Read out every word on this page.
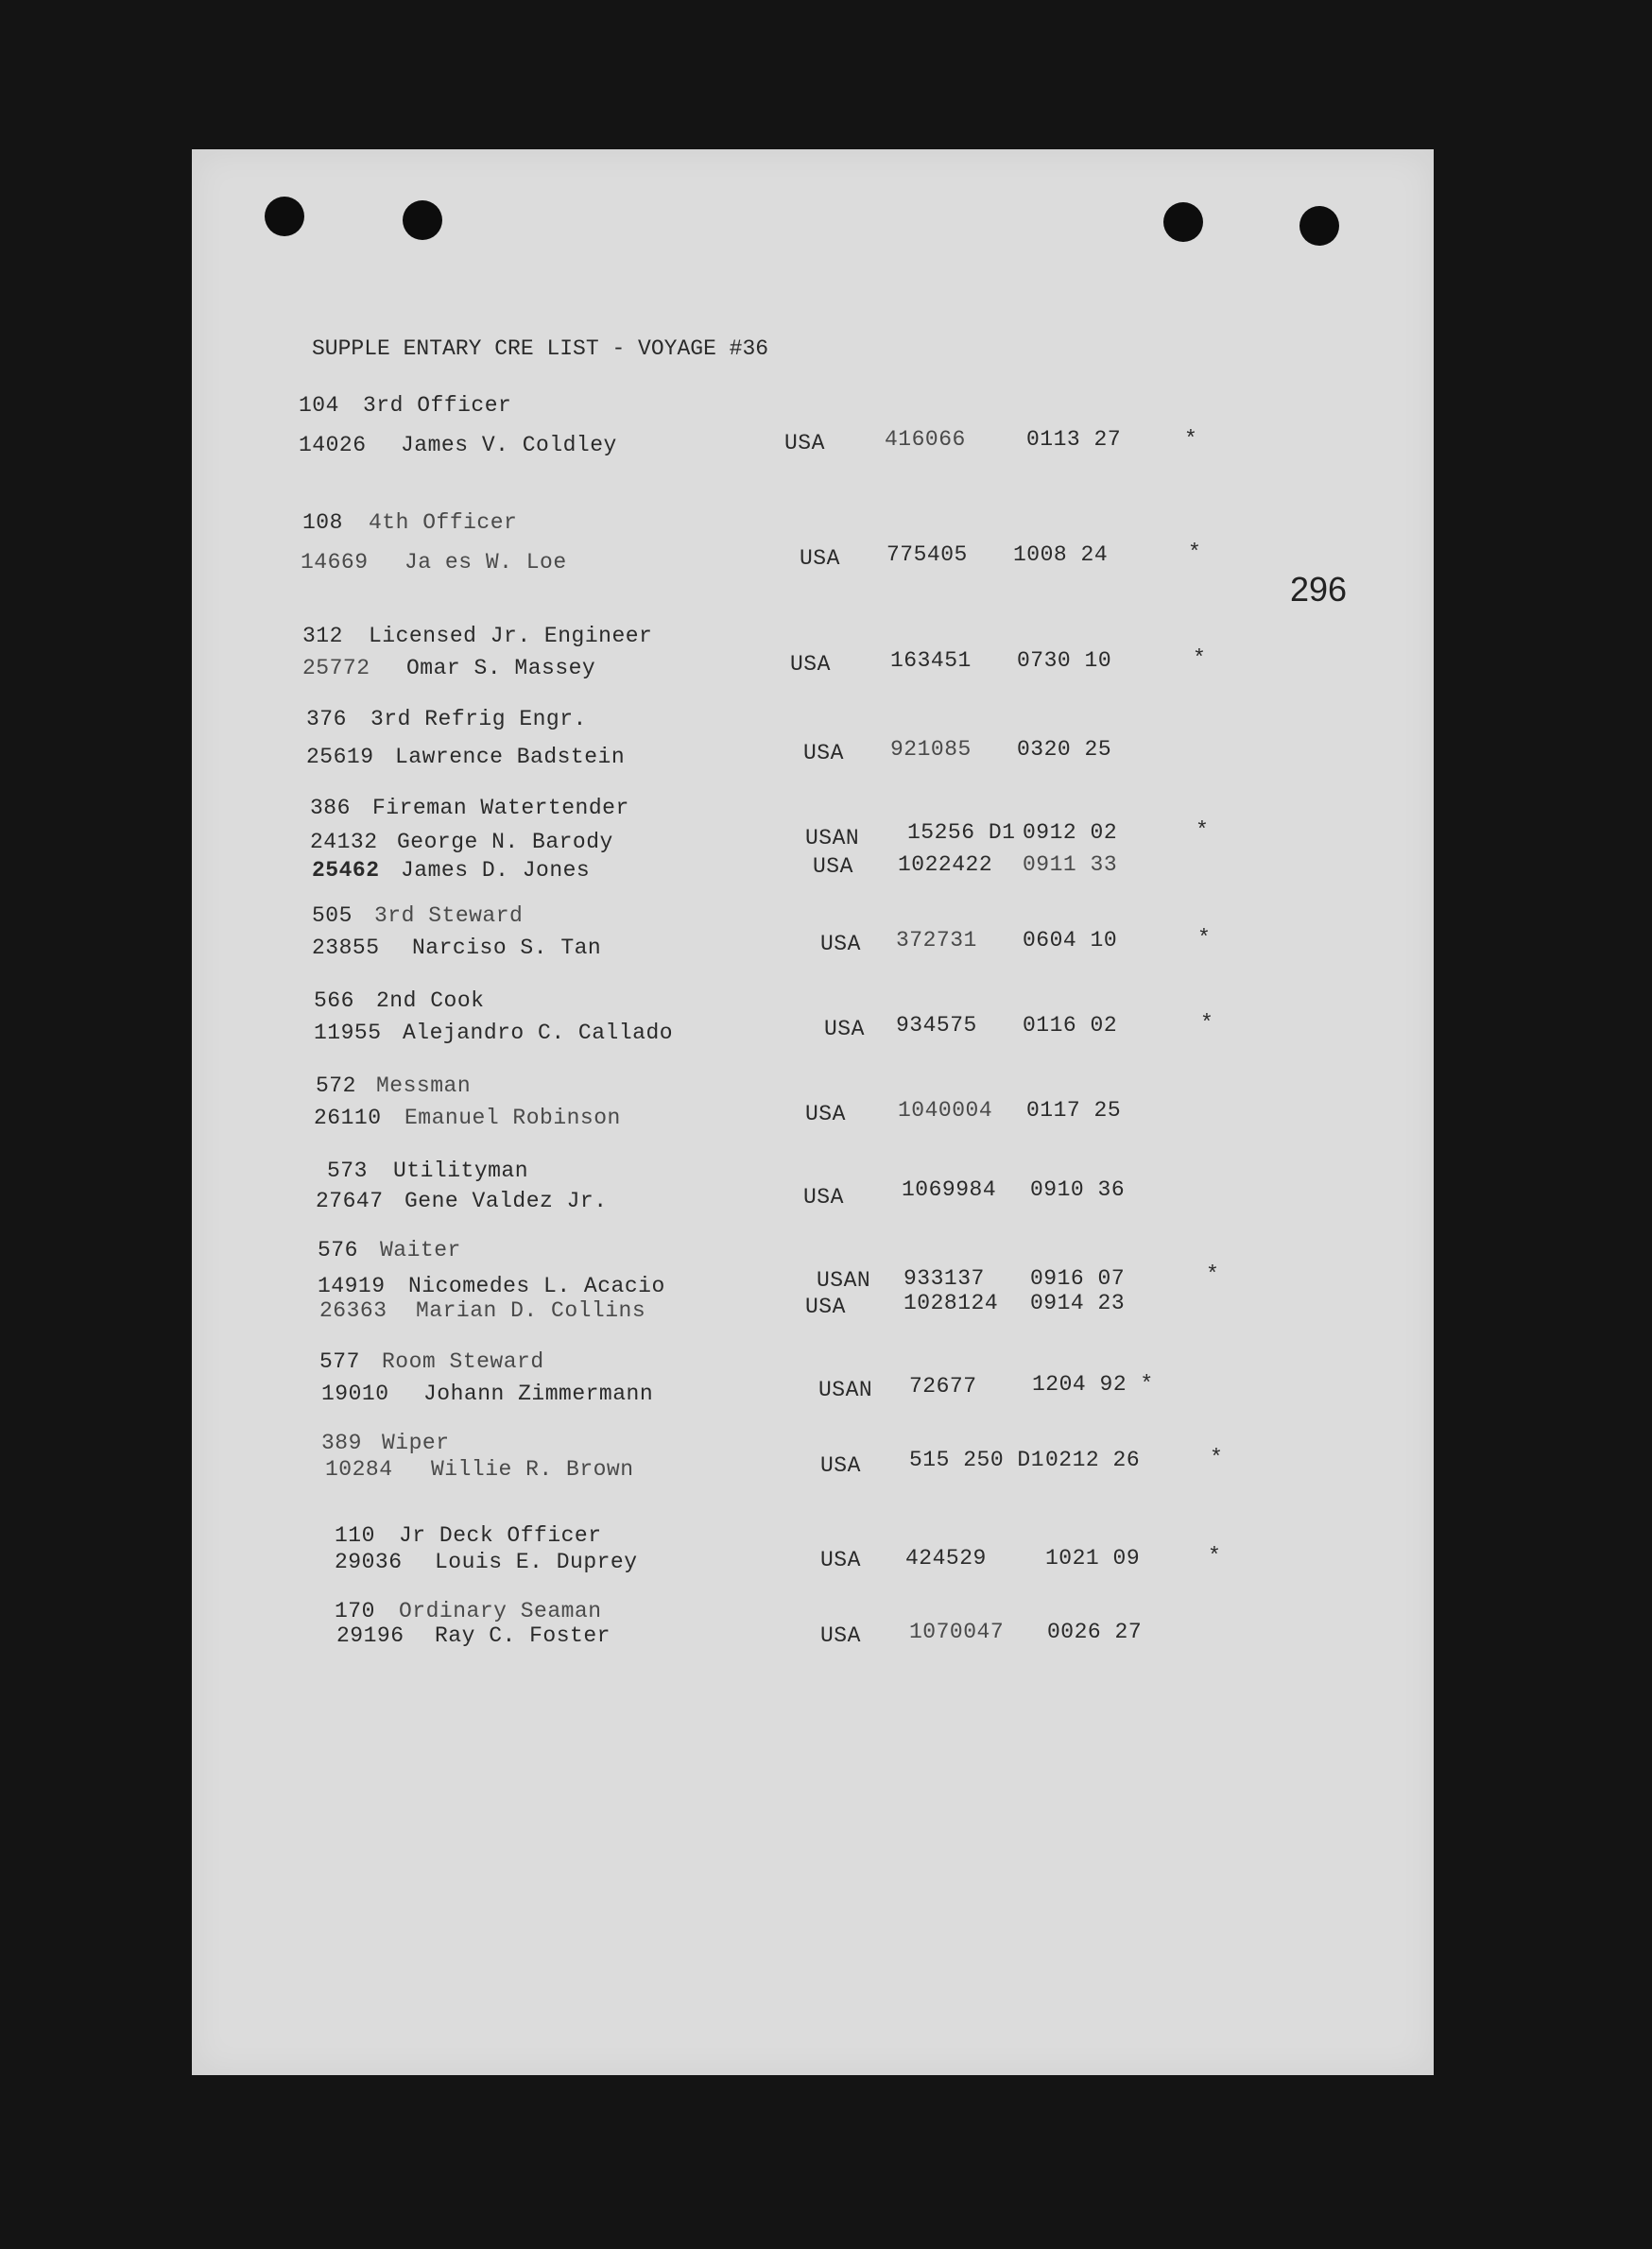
SUPPLE ENTARY CRE LIST - VOYAGE #36
296
104 3rd Officer
14026 James V. Coldley	USA	416066	0113 27	*
108 4th Officer
14669 Ja es W. Loe	USA 775405 1008 24	*
312 Licensed Jr. Engineer
25772 Omar S. Massey	USA	163451 0730 10	*
376 3rd Refrig Engr.
25619 Lawrence Badstein	USA 921085 0320 25
386 Fireman Watertender
24132 George N. Barody	USAN 15256 D1 0912 02	*
25462 James D. Jones	USA 1022422 0911 33
505 3rd Steward
23855 Narciso S. Tan	USA 372731 0604 10	*
566 2nd Cook
11955 Alejandro C. Callado	USA 934575 0116 02	*
572 Messman
26110 Emanuel Robinson	USA 1040004 0117 25
573 Utilityman
27647 Gene Valdez Jr.	USA	1069984 0910 36
576 Waiter
14919 Nicomedes L. Acacio	USAN 933137 0916 07	*
26363 Marian D. Collins	USA	1028124 0914 23
577 Room Steward
19010 Johann Zimmermann	USAN 72677	1204 92 *
389 Wiper
10284 Willie R. Brown	USA 515 250 D1 0212 26	*
110 Jr Deck Officer
29036 Louis E. Duprey	USA 424529	1021 09	*
170 Ordinary Seaman
29196 Ray C. Foster	USA 1070047 0026 27
